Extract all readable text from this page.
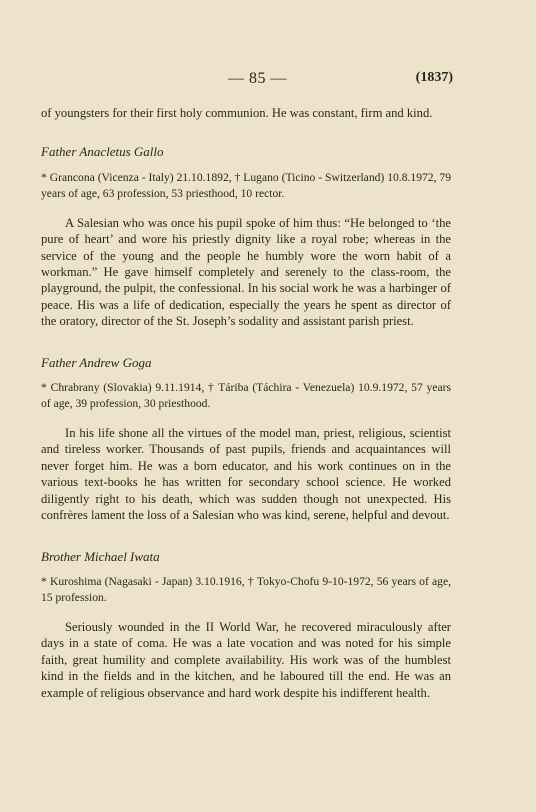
— 85 —	(1837)

of youngsters for their first holy communion. He was constant, firm and kind.

Father Anacletus Gallo

* Grancona (Vicenza - Italy) 21.10.1892, † Lugano (Ticino - Switzerland) 10.8.1972, 79 years of age, 63 profession, 53 priesthood, 10 rector.

A Salesian who was once his pupil spoke of him thus: “He belonged to ‘the pure of heart’ and wore his priestly dignity like a royal robe; whereas in the service of the young and the people he humbly wore the worn habit of a workman.” He gave himself completely and serenely to the class-room, the playground, the pulpit, the confessional. In his social work he was a harbinger of peace. His was a life of dedication, especially the years he spent as director of the oratory, director of the St. Joseph’s sodality and assistant parish priest.

Father Andrew Goga

* Chrabrany (Slovakia) 9.11.1914, † Táriba (Táchira - Venezuela) 10.9.1972, 57 years of age, 39 profession, 30 priesthood.

In his life shone all the virtues of the model man, priest, religious, scientist and tireless worker. Thousands of past pupils, friends and acquaintances will never forget him. He was a born educator, and his work continues on in the various text-books he has written for secondary school science. He worked diligently right to his death, which was sudden though not unexpected. His confrères lament the loss of a Salesian who was kind, serene, helpful and devout.

Brother Michael Iwata

* Kuroshima (Nagasaki - Japan) 3.10.1916, † Tokyo-Chofu 9-10-1972, 56 years of age, 15 profession.

Seriously wounded in the II World War, he recovered miraculously after days in a state of coma. He was a late vocation and was noted for his simple faith, great humility and complete availability. His work was of the humblest kind in the fields and in the kitchen, and he laboured till the end. He was an example of religious observance and hard work despite his indifferent health.
